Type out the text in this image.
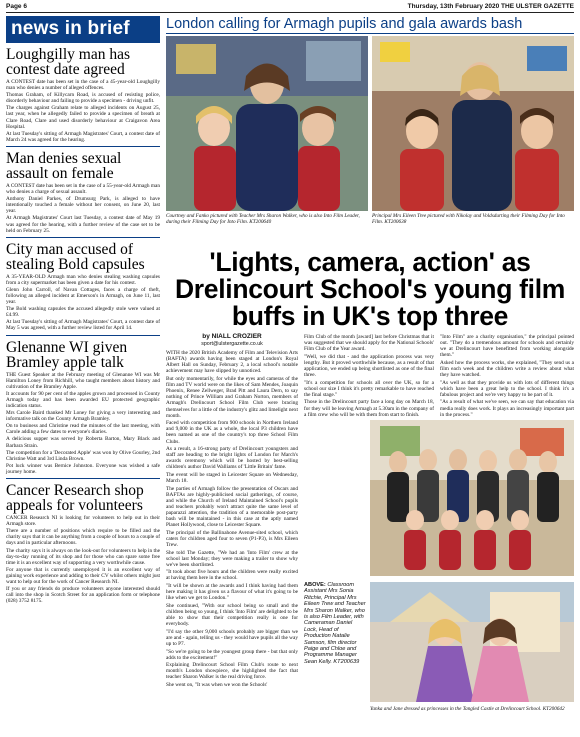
Page 6	Thursday, 13th February 2020 THE ULSTER GAZETTE
news in brief
Loughgilly man has contest date agreed

A CONTEST date has been set in the case of a 45-year-old Loughgilly man who denies a number of alleged offences.

Thomas Graham, of Killycarn Road, is accused of resisting police, disorderly behaviour and failing to provide a specimen - driving unfit.

The charges against Graham relate to alleged incidents on August 25, last year, when he allegedly failed to provide a specimen of breath at Clare Road, Clare and used disorderly behaviour at Craigavon Area Hospital.

At last Tuesday's sitting of Armagh Magistrates' Court, a contest date of March 24 was agreed for the hearing.

Man denies sexual assault on female

A CONTEST date has been set in the case of a 55-year-old Armagh man who denies a charge of sexual assault.

Anthony Daniel Parkes, of Drumsurg Park, is alleged to have intentionally touched a female without her consent, on June 20, last year.

At Armagh Magistrates' Court last Tuesday, a contest date of May 19 was agreed for the hearing, with a further review of the case set to be held on February 25.

City man accused of stealing Bold capsules

A 35-YEAR-OLD Armagh man who denies stealing washing capsules from a city supermarket has been given a date for his contest.

Glenn John Carroll, of Navan Cottages, faces a charge of theft, following an alleged incident at Emerson's in Armagh, on June 11, last year.

The Bold washing capsules the accused allegedly stole were valued at £4.99.

At last Tuesday's sitting of Armagh Magistrates' Court, a contest date of May 5 was agreed, with a further review listed for April 14.

Glenanne WI given Bramley apple talk

THE Guest Speaker at the February meeting of Glenanne WI was Mr Hamilton Loney from Richhill, who taught members about history and cultivation of the Bramley Apple.

It accounts for 90 per cent of the apples grown and processed in County Armagh today and has been awarded EU protected geographic indication status.

Mrs Carole Baird thanked Mr Loney for giving a very interesting and informative talk on the County Armagh Bramley.

On to business and Christine read the minutes of the last meeting, with Carole adding a few dates to everyone's diaries.

A delicious supper was served by Roberta Barton, Mary Black and Barbara Strain.

The competition for a 'Decorated Apple' was won by Olive Gourley, 2nd Christine Watt and 3rd Linda Brown.

Pot luck winner was Bernice Johnston. Everyone was wished a safe journey home.

Cancer Research shop appeals for volunteers

CANCER Research NI is looking for volunteers to help out in their Armagh store.

There are a number of positions which require to be filled and the charity says that it can be anything from a couple of hours to a couple of days and in particular afternoons.

The charity says it is always on the look-out for volunteers to help in the day-to-day running of its shop and for those who can spare some free time it is an excellent way of supporting a very worthwhile cause.

For anyone that is currently unemployed it is an excellent way of gaining work experience and adding to their CV whilst others might just want to help out for the work of Cancer Research NI.

If you or any friends do produce volunteers anyone interested should call into the shop in Scotch Street for an application form or telephone (028) 3752 8175.

London calling for Armagh pupils and gala awards bash
Courtney and Fanko pictured with Teacher Mrs Sharon Walker, who is also Into Film Leader, during their Filming Day for Into Film. KT200640
Principal Mrs Eileen Tree pictured with Nikolay and Voldsdurting their Filming Day for Into Film. KT200638
'Lights, camera, action' as Drelincourt School's young film buffs in UK's top three
by NIALL CROZIER
sport@ulstergazette.co.uk

WITH the 2020 British Academy of Film and Television Arts (BAFTA) awards having been staged at London's Royal Albert Hall on Sunday, February 2, a local school's notable achievement may have slipped by unnoticed.

But only momentarily, for while the eyes and cameras of the film and TV world were on the likes of Sam Mendes, Joaquin Phoenix, Renee Zellweger, Brad Pitt and Laura Dern, to say nothing of Prince William and Graham Norton, members of Armagh's Drelincourt School Film Club were bracing themselves for a little of the industry's glitz and limelight next month.

Faced with competition from 900 schools in Northern Ireland and 9,000 in the UK as a whole, the local P3 children have been named as one of the country's top three School Film Clubs.

As a result, a 16-strong party of Drelincourt youngsters and staff are heading to the bright lights of London for March's awards ceremony which will be hosted by best-selling children's author David Walliams of 'Little Britain' fame.

The event will be staged in Leicester Square on Wednesday, March 18.

The parties of Armagh follow the presentation of Oscars and BAFTAs are highly-publicised social gatherings, of course, and while the Church of Ireland Maintained School's pupils and teachers probably won't attract quite the same level of paparazzi attention, the tradition of a memorable post-party bash will be maintained - in this case at the aptly named Planet Hollywood, close to Leicester Square.

The principal of the Ballinahone Avenue-sited school, which caters for children aged four to seven (P1-P3), is Mrs Eileen Trew.

She told The Gazette, "We had an 'Into Film' crew at the school last Monday; they were making a trailer to show why we've been shortlisted.

"It took about five hours and the children were really excited at having them here in the school.

"It will be shown at the awards and I think having had them here making it has given us a flavour of what it's going to be like when we get to London."

She continued, "With our school being so small and the children being so young, I think 'Into Film' are delighted to be able to show that their competition really is one for everybody.

"I'd say the other 9,000 schools probably are bigger than we are and - again, telling us - they would have pupils all the way up to P7.

"So we're going to be the youngest group there - but that only adds to the excitement!"

Explaining Drelincourt School Film Club's route to next month's London showpiece, she highlighted the fact that teacher Sharon Walker is the real driving force.

She went on, "It was when we won the Schools'

Film Club of the month [award] last before Christmas that it was suggested that we should apply for the National Schools' Film Club of the Year award.

"Well, we did that - and the application process was very lengthy. But it proved worthwhile because, as a result of that application, we ended up being shortlisted as one of the final three.

"It's a competition for schools all over the UK, so for a school our size I think it's pretty remarkable to have reached the final stage."

Those in the Drelincourt party face a long day on March 18, for they will be leaving Armagh at 5.30am in the company of a film crew who will be with them from start to finish.

"Into Film" are a charity organisation," the principal pointed out. "They do a tremendous amount for schools and certainly we at Drelincourt have benefitted from working alongside them."

Asked how the process works, she explained, "They send us a film each week and the children write a review about what they have watched.

"As well as that they provide us with lots of different things which have been a great help to the school. I think it's a fabulous project and we're very happy to be part of it.

"As a result of what we've seen, we can say that education via media really does work. It plays an increasingly important part in the process."

ABOVE: Classroom Assistant Mrs Sonia Ritchie, Principal Mrs Eileen Trew and Teacher Mrs Sharon Walker, who is also Film Leader, with Cameraman Daniel Lock, Head of Production Natalie Samson, film director Paige and Chloe and Programme Manager Sean Kelly. KT200639
Yanka and Jane dressed as princesses in the Tangled Castle at Drelincourt School. KT200642
